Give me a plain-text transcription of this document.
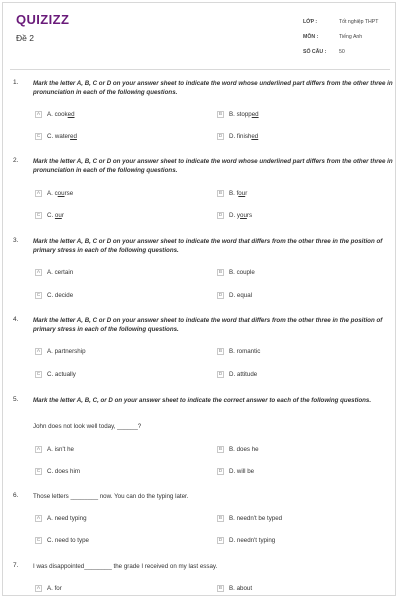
QUIZIZZ
Đề 2
LỚP :	Tốt nghiệp THPT
MÔN :	Tiếng Anh
SỐ CÂU :	50
1. Mark the letter A, B, C or D on your answer sheet to indicate the word whose underlined part differs from the other three in pronunciation in each of the following questions.
A	A. cooked	B	B. stopped
C C. watered	D D. finished
2. Mark the letter A, B, C or D on your answer sheet to indicate the word whose underlined part differs from the other three in pronunciation in each of the following questions.
A	A. course	B	B. four
C C. our	D D. yours
3. Mark the letter A, B, C or D on your answer sheet to indicate the word that differs from the other three in the position of primary stress in each of the following questions.
A	A. certain	B	B. couple
C C. decide	D D. equal
4. Mark the letter A, B, C or D on your answer sheet to indicate the word that differs from the other three in the position of primary stress in each of the following questions.
A	A. partnership	B	B. romantic
C C. actually	D D. attitude
5. Mark the letter A, B, C, or D on your answer sheet to indicate the correct answer to each of the following questions.
John does not look well today, ______?
A	A. isn't he	B	B. does he
C C. does him	D D. will be
6. Those letters ________ now. You can do the typing later.
A	A. need typing	B	B. needn't be typed
C C. need to type	D D. needn't typing
7. I was disappointed________ the grade I received on my last essay.
A	A. for	B	B. about
